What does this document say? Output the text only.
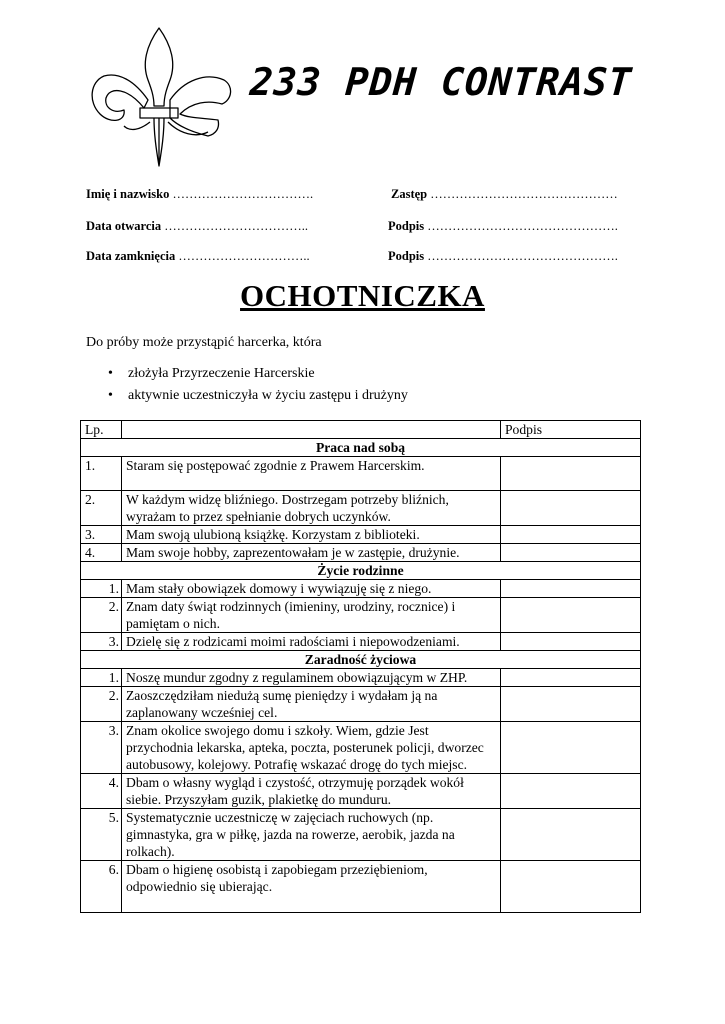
233 PDH CONTRAST
Imię i nazwisko …………………………….	Zastęp ………………………………………
Data otwarcia ……………………………..	Podpis ……………………………………….
Data zamknięcia …………………………..	Podpis ……………………………………….
OCHOTNICZKA
Do próby może przystąpić harcerka, która
• złożyła Przyrzeczenie Harcerskie
• aktywnie uczestniczyła w życiu zastępu i drużyny
Lp.		Podpis
Praca nad sobą		
1.	Staram się postępować zgodnie z Prawem Harcerskim.	
2.	W każdym widzę bliźniego. Dostrzegam potrzeby bliźnich, wyrażam to przez spełnianie dobrych uczynków.	
3.	Mam swoją ulubioną książkę. Korzystam z biblioteki.	
4.	Mam swoje hobby, zaprezentowałam je w zastępie, drużynie.	
Życie rodzinne		
1.	Mam stały obowiązek domowy i wywiązuję się z niego.	
2.	Znam daty świąt rodzinnych (imieniny, urodziny, rocznice) i pamiętam o nich.	
3.	Dzielę się z rodzicami moimi radościami i niepowodzeniami.	
Zaradność życiowa		
1.	Noszę mundur zgodny z regulaminem obowiązującym w ZHP.	
2.	Zaoszczędziłam niedużą sumę pieniędzy i wydałam ją na zaplanowany wcześniej cel.	
3.	Znam okolice swojego domu i szkoły. Wiem, gdzie Jest przychodnia lekarska, apteka, poczta, posterunek policji, dworzec autobusowy, kolejowy. Potrafię wskazać drogę do tych miejsc.	
4.	Dbam o własny wygląd i czystość, otrzymuję porządek wokół siebie. Przyszyłam guzik, plakietkę do munduru.	
5.	Systematycznie uczestniczę w zajęciach ruchowych (np. gimnastyka, gra w piłkę, jazda na rowerze, aerobik, jazda na rolkach).	
6.	Dbam o higienę osobistą i zapobiegam przeziębieniom, odpowiednio się ubierając.	
